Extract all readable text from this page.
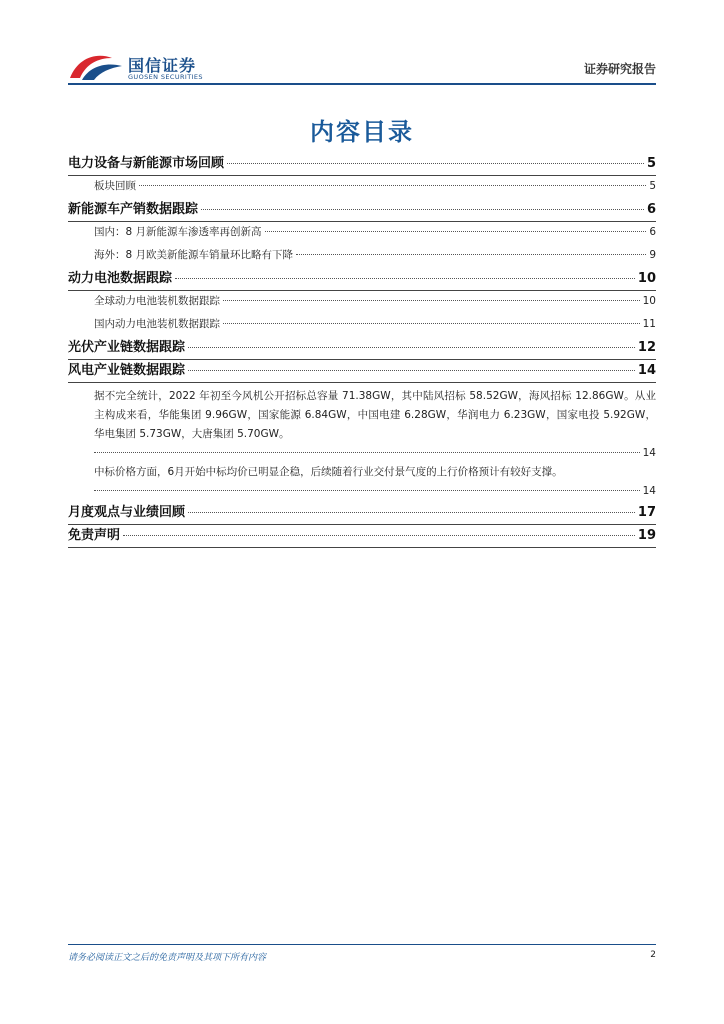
国信证券
GUOSEN SECURITIES
证券研究报告
内容目录
电力设备与新能源市场回顾	5
板块回顾	5
新能源车产销数据跟踪	6
国内：8 月新能源车渗透率再创新高	6
海外：8 月欧美新能源车销量环比略有下降	9
动力电池数据跟踪	10
全球动力电池装机数据跟踪	10
国内动力电池装机数据跟踪	11
光伏产业链数据跟踪	12
风电产业链数据跟踪	14
据不完全统计，2022 年初至今风机公开招标总容量 71.38GW，其中陆风招标 58.52GW，海风招标 12.86GW。从业主构成来看，华能集团 9.96GW，国家能源 6.84GW，中国电建 6.28GW，华润电力 6.23GW，国家电投 5.92GW，华电集团 5.73GW，大唐集团 5.70GW。
14
中标价格方面，6月开始中标均价已明显企稳，后续随着行业交付景气度的上行价格预计有较好支撑。
14
月度观点与业绩回顾	17
免责声明	19
请务必阅读正文之后的免责声明及其项下所有内容	2
